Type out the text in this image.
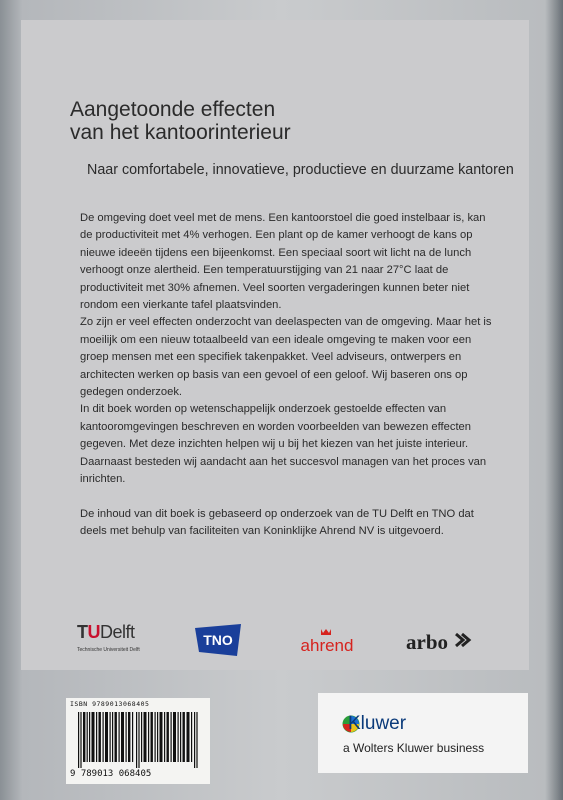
Aangetoonde effecten
van het kantoorinterieur
Naar comfortabele, innovatieve, productieve en duurzame kantoren

De omgeving doet veel met de mens. Een kantoorstoel die goed instelbaar is, kan de productiviteit met 4% verhogen. Een plant op de kamer verhoogt de kans op nieuwe ideeën tijdens een bijeenkomst. Een speciaal soort wit licht na de lunch verhoogt onze alertheid. Een temperatuurstijging van 21 naar 27°C laat de productiviteit met 30% afnemen. Veel soorten vergaderingen kunnen beter niet rondom een vierkante tafel plaatsvinden.

Zo zijn er veel effecten onderzocht van deelaspecten van de omgeving. Maar het is moeilijk om een nieuw totaalbeeld van een ideale omgeving te maken voor een groep mensen met een specifiek takenpakket. Veel adviseurs, ontwerpers en architecten werken op basis van een gevoel of een geloof. Wij baseren ons op gedegen onderzoek.

In dit boek worden op wetenschappelijk onderzoek gestoelde effecten van kantooromgevingen beschreven en worden voorbeelden van bewezen effecten gegeven. Met deze inzichten helpen wij u bij het kiezen van het juiste interieur. Daarnaast besteden wij aandacht aan het succesvol managen van het proces van inrichten.

De inhoud van dit boek is gebaseerd op onderzoek van de TU Delft en TNO dat deels met behulp van faciliteiten van Koninklijke Ahrend NV is uitgevoerd.

TUDelft
Technische Universiteit Delft
TNO	ahrend	arbo
ISBN 9789013068405
9 789013 068405
Kluwer
a Wolters Kluwer business
